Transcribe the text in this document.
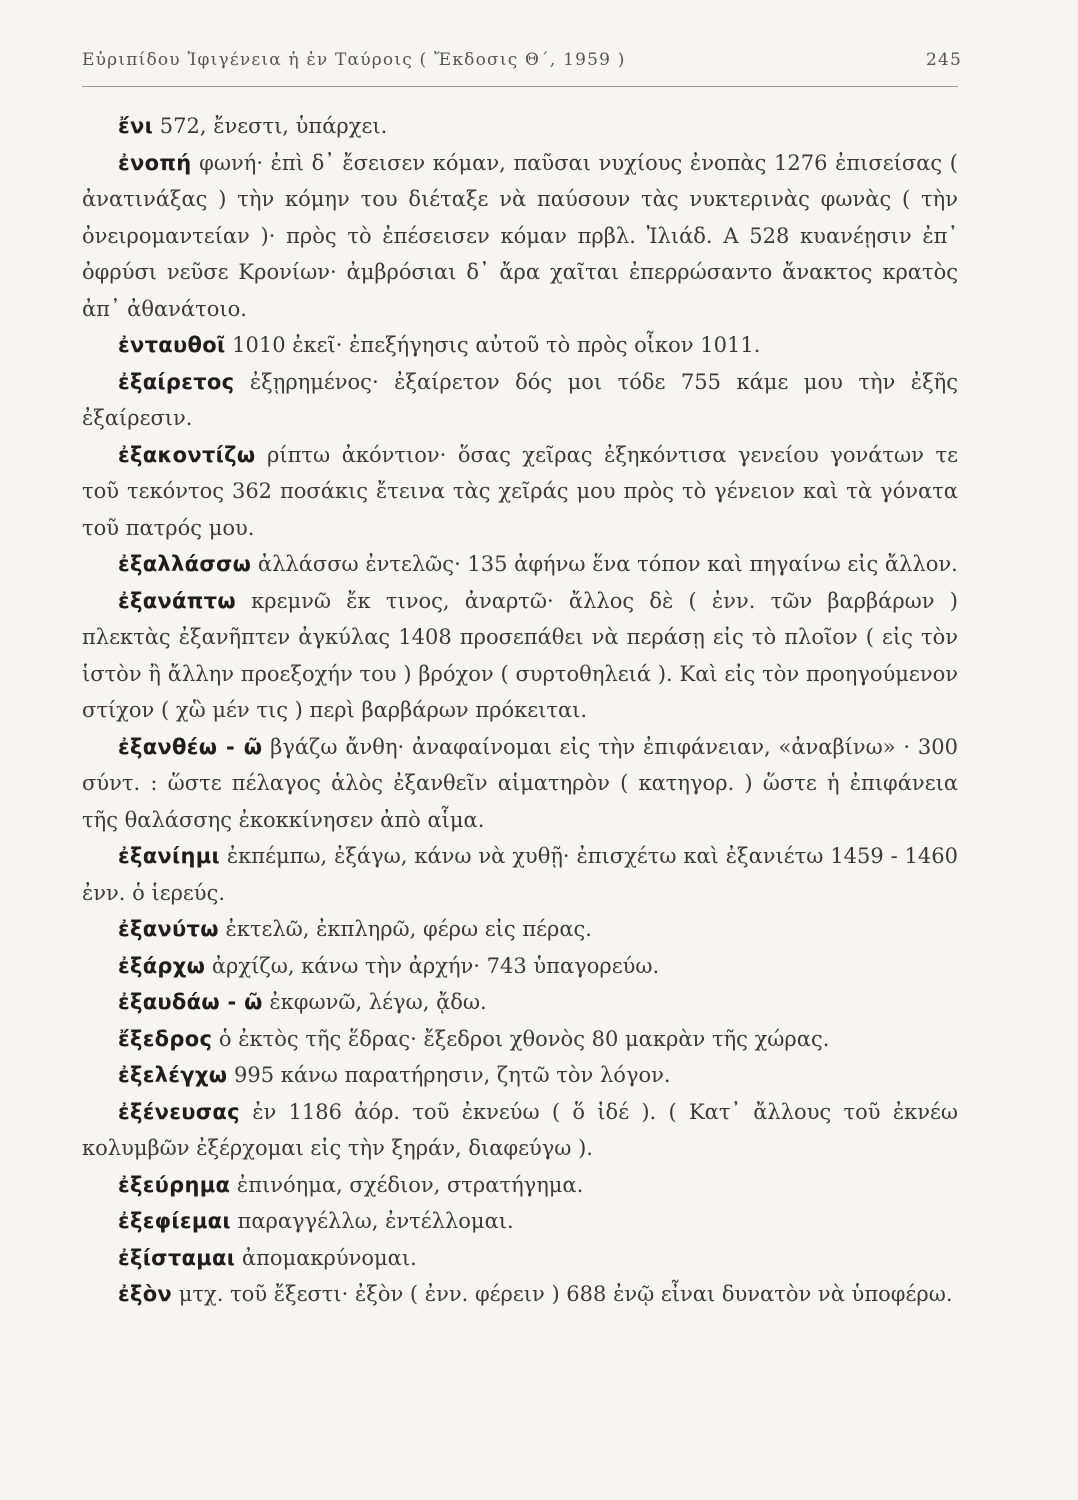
Εὐριπίδου Ἰφιγένεια ἡ ἐν Ταύροις ( Ἔκδοσις Θ΄, 1959 )	245

ἔνι 572, ἔνεστι, ὑπάρχει.

ἐνοπή φωνή· ἐπὶ δ᾽ ἔσεισεν κόμαν, παῦσαι νυχίους ἐνοπὰς 1276 ἐπισείσας ( ἀνατινάξας ) τὴν κόμην του διέταξε νὰ παύσουν τὰς νυκτερινὰς φωνὰς ( τὴν ὀνειρομαντείαν )· πρὸς τὸ ἐπέσεισεν κόμαν πρβλ. Ἰλιάδ. Α 528 κυανέῃσιν ἐπ᾽ ὀφρύσι νεῦσε Κρονίων· ἀμβρόσιαι δ᾽ ἄρα χαῖται ἐπερρώσαντο ἄνακτος κρατὸς ἀπ᾽ ἀθανάτοιο.

ἐνταυθοῖ 1010 ἐκεῖ· ἐπεξήγησις αὐτοῦ τὸ πρὸς οἶκον 1011.

ἐξαίρετος ἐξῃρημένος· ἐξαίρετον δός μοι τόδε 755 κάμε μου τὴν ἐξῆς ἐξαίρεσιν.

ἐξακοντίζω ρίπτω ἀκόντιον· ὅσας χεῖρας ἐξηκόντισα γενείου γονάτων τε τοῦ τεκόντος 362 ποσάκις ἔτεινα τὰς χεῖράς μου πρὸς τὸ γένειον καὶ τὰ γόνατα τοῦ πατρός μου.

ἐξαλλάσσω ἀλλάσσω ἐντελῶς· 135 ἀφήνω ἕνα τόπον καὶ πηγαίνω εἰς ἄλλον.

ἐξανάπτω κρεμνῶ ἔκ τινος, ἀναρτῶ· ἄλλος δὲ ( ἐνν. τῶν βαρβάρων ) πλεκτὰς ἐξανῆπτεν ἀγκύλας 1408 προσεπάθει νὰ περάσῃ εἰς τὸ πλοῖον ( εἰς τὸν ἱστὸν ἢ ἄλλην προεξοχήν του ) βρόχον ( συρτοθηλειά ). Καὶ εἰς τὸν προηγούμενον στίχον ( χὣ μέν τις ) περὶ βαρβάρων πρόκειται.

ἐξανθέω - ῶ βγάζω ἄνθη· ἀναφαίνομαι εἰς τὴν ἐπιφάνειαν, «ἀναβίνω» · 300 σύντ. : ὥστε πέλαγος ἁλὸς ἐξανθεῖν αἱματηρὸν ( κατηγορ. ) ὥστε ἡ ἐπιφάνεια τῆς θαλάσσης ἐκοκκίνησεν ἀπὸ αἷμα.

ἐξανίημι ἐκπέμπω, ἐξάγω, κάνω νὰ χυθῇ· ἐπισχέτω καὶ ἐξανιέτω 1459 - 1460 ἐνν. ὁ ἱερεύς.

ἐξανύτω ἐκτελῶ, ἐκπληρῶ, φέρω εἰς πέρας.

ἐξάρχω ἀρχίζω, κάνω τὴν ἀρχήν· 743 ὑπαγορεύω.

ἐξαυδάω - ῶ ἐκφωνῶ, λέγω, ᾄδω.

ἔξεδρος ὁ ἐκτὸς τῆς ἕδρας· ἔξεδροι χθονὸς 80 μακρὰν τῆς χώρας.

ἐξελέγχω 995 κάνω παρατήρησιν, ζητῶ τὸν λόγον.

ἐξένευσας ἐν 1186 ἀόρ. τοῦ ἐκνεύω ( ὅ ἰδέ ). ( Κατ᾽ ἄλλους τοῦ ἐκνέω κολυμβῶν ἐξέρχομαι εἰς τὴν ξηράν, διαφεύγω ).

ἐξεύρημα ἐπινόημα, σχέδιον, στρατήγημα.

ἐξεφίεμαι παραγγέλλω, ἐντέλλομαι.

ἐξίσταμαι ἀπομακρύνομαι.

ἐξὸν μτχ. τοῦ ἔξεστι· ἐξὸν ( ἐνν. φέρειν ) 688 ἐνῷ εἶναι δυνατὸν νὰ ὑποφέρω.
